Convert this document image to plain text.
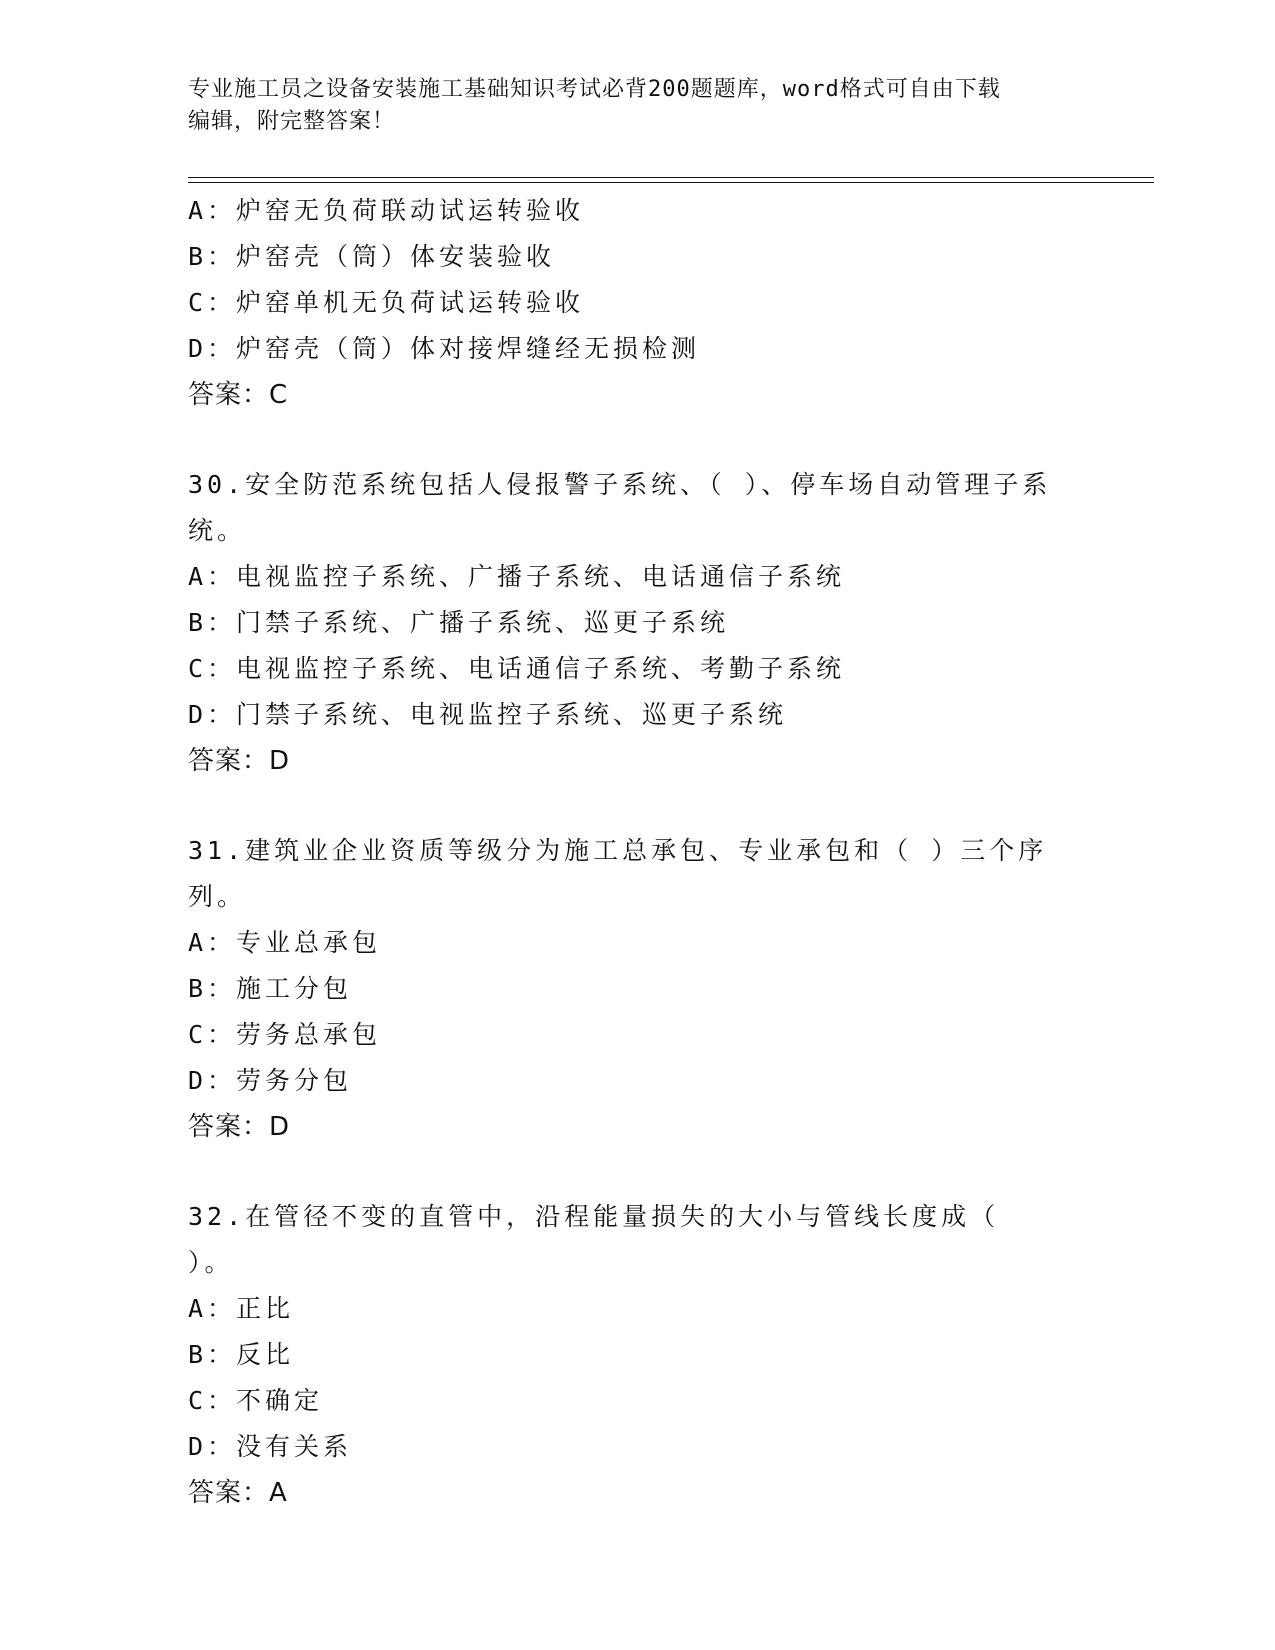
专业施工员之设备安装施工基础知识考试必背200题题库，word格式可自由下载
编辑，附完整答案！
A：炉窑无负荷联动试运转验收
B：炉窑壳（筒）体安装验收
C：炉窑单机无负荷试运转验收
D：炉窑壳（筒）体对接焊缝经无损检测
答案：C
30.安全防范系统包括人侵报警子系统、（ ）、停车场自动管理子系统。
A：电视监控子系统、广播子系统、电话通信子系统
B：门禁子系统、广播子系统、巡更子系统
C：电视监控子系统、电话通信子系统、考勤子系统
D：门禁子系统、电视监控子系统、巡更子系统
答案：D
31.建筑业企业资质等级分为施工总承包、专业承包和（ ）三个序列。
A：专业总承包
B：施工分包
C：劳务总承包
D：劳务分包
答案：D
32.在管径不变的直管中，沿程能量损失的大小与管线长度成（ ）。
A：正比
B：反比
C：不确定
D：没有关系
答案：A
